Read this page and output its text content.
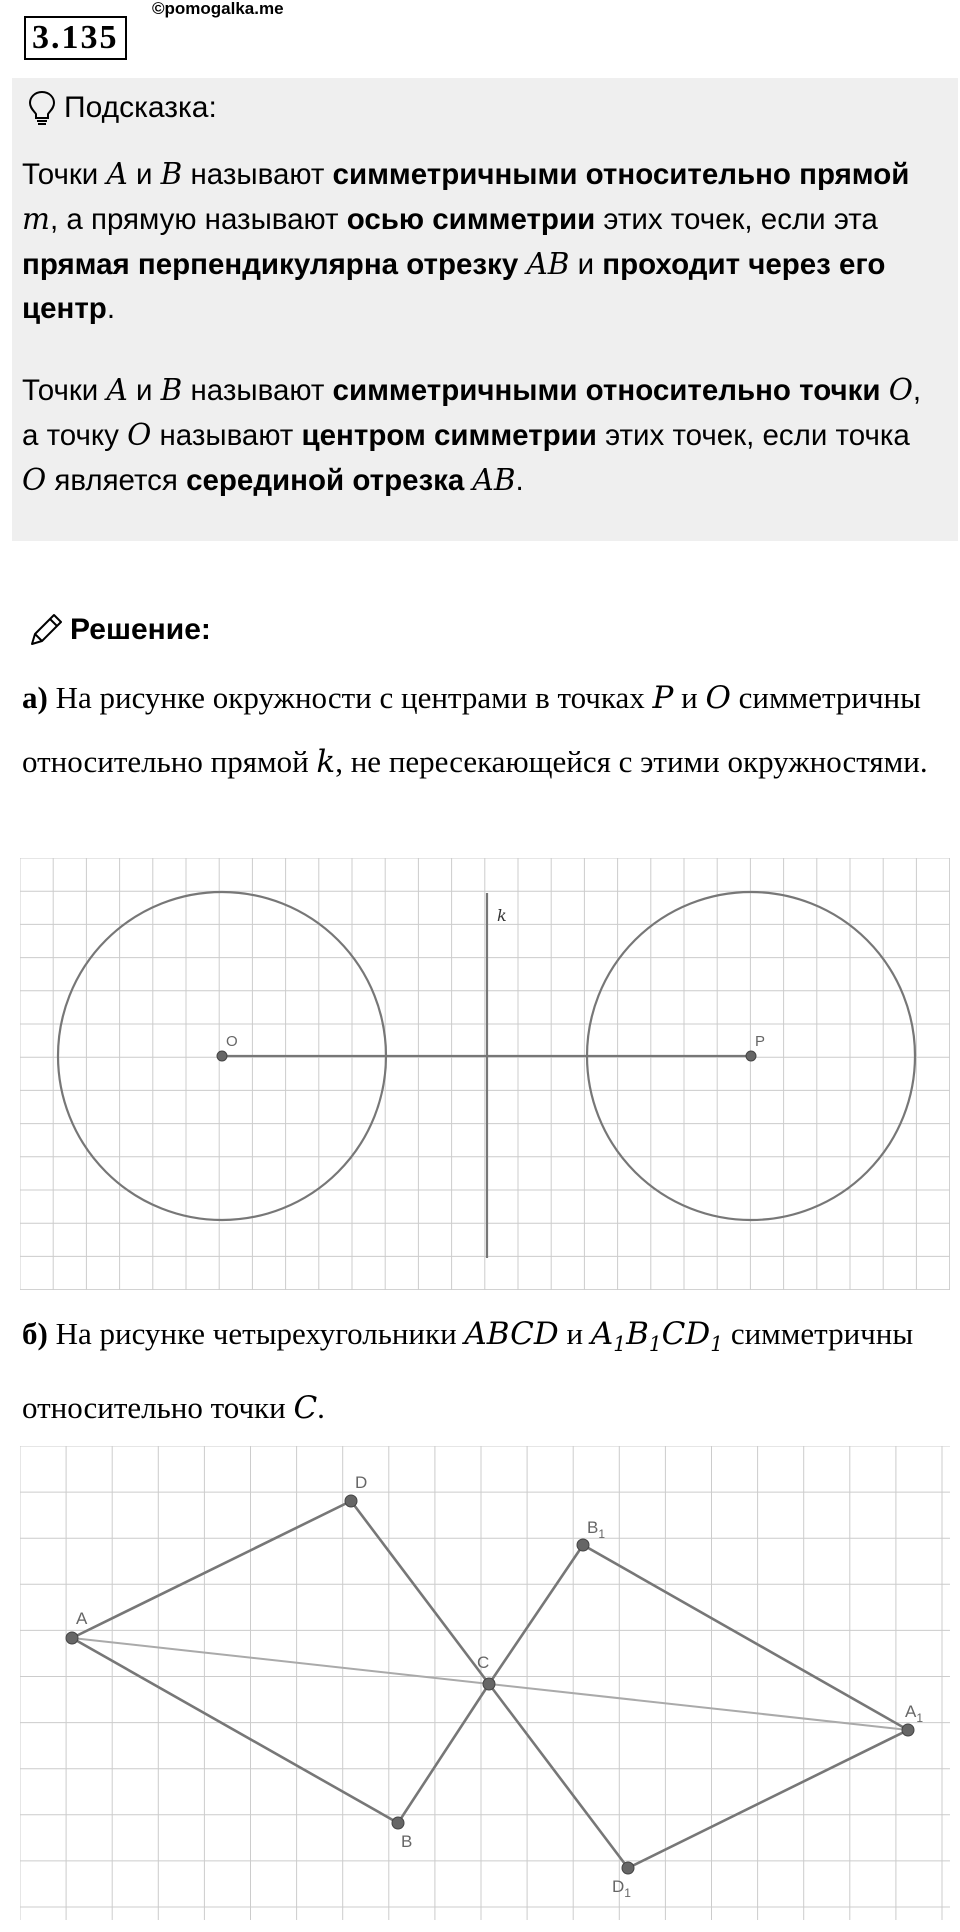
3.135
©pomogalka.me
Подсказка:
Точки A и B называют симметричными относительно прямой m, а прямую называют осью симметрии этих точек, если эта прямая перпендикулярна отрезку AB и проходит через его центр.
Точки A и B называют симметричными относительно точки O, а точку O называют центром симметрии этих точек, если точка O является серединой отрезка AB.
Решение:
а) На рисунке окружности с центрами в точках P и O симметричны относительно прямой k, не пересекающейся с этими окружностями.
O	P
k
б) На рисунке четырехугольники ABCD и $A_1B_1CD_1$ симметричны относительно точки C.
A
D
C
B
$B_1$
$A_1$
$D_1$
